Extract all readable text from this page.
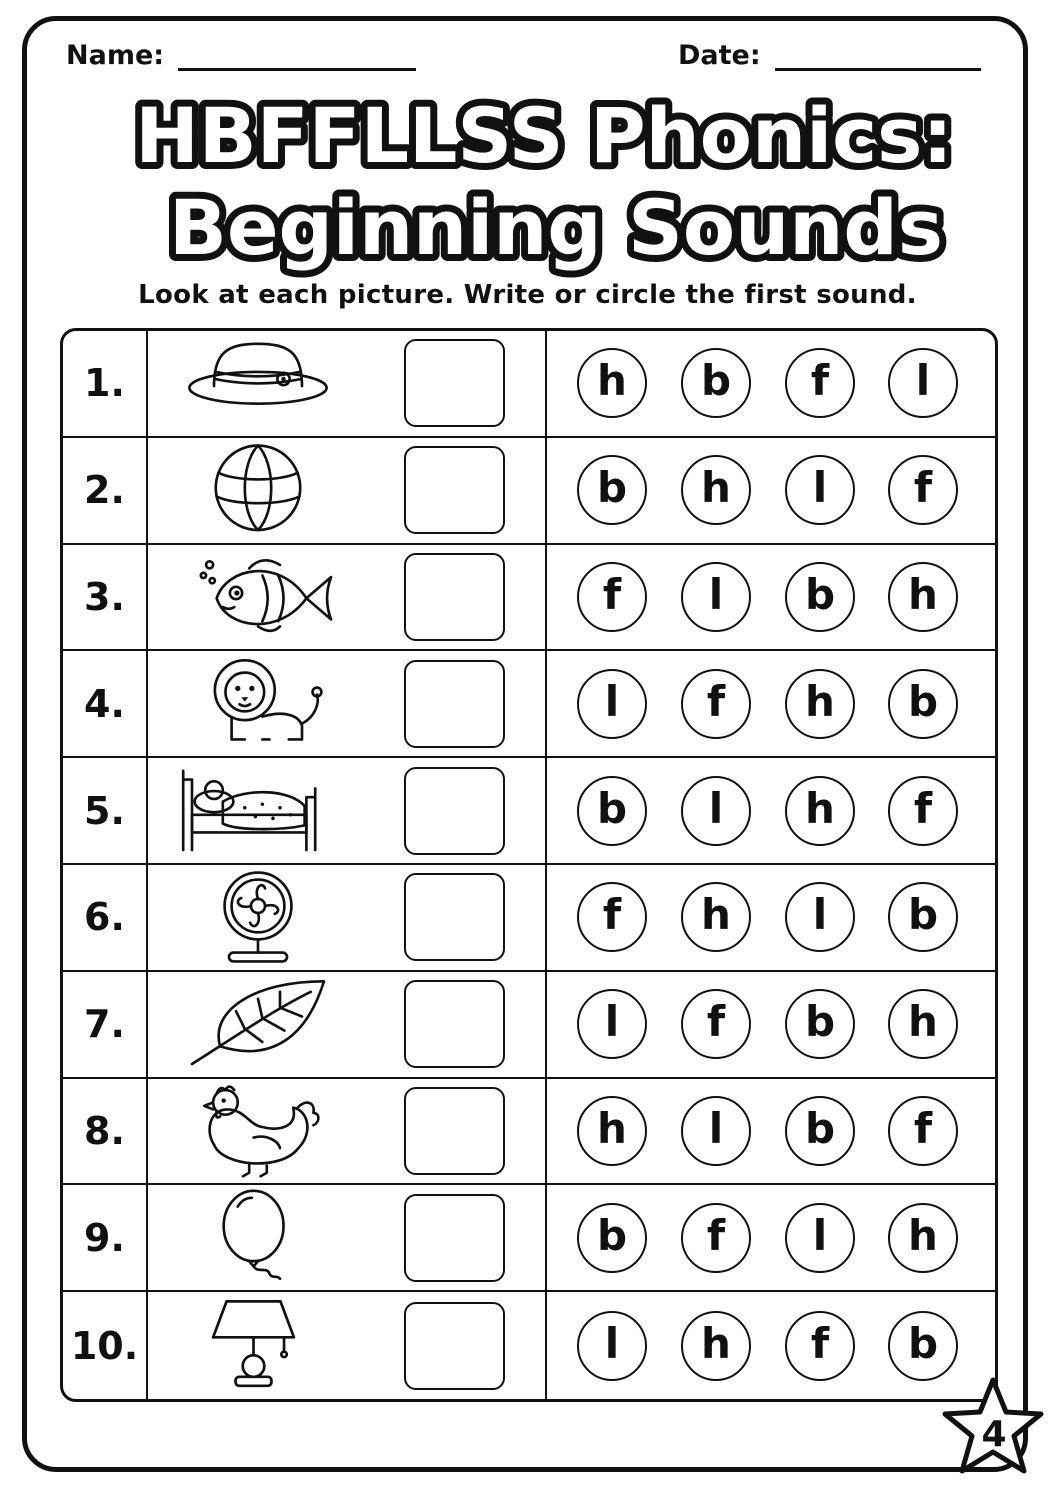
Name:	Date:
HBFFLLSS Phonics:
Beginning Sounds
Look at each picture. Write or circle the first sound.
1.	h	b	f	l
2.	b	h	l	f
3.	f	l	b	h
4.	l	f	h	b
5.	b	l	h	f
6.	f	h	l	b
7.	l	f	b	h
8.	h	l	b	f
9.	b	f	l	h
10.	l	h	f	b
4
